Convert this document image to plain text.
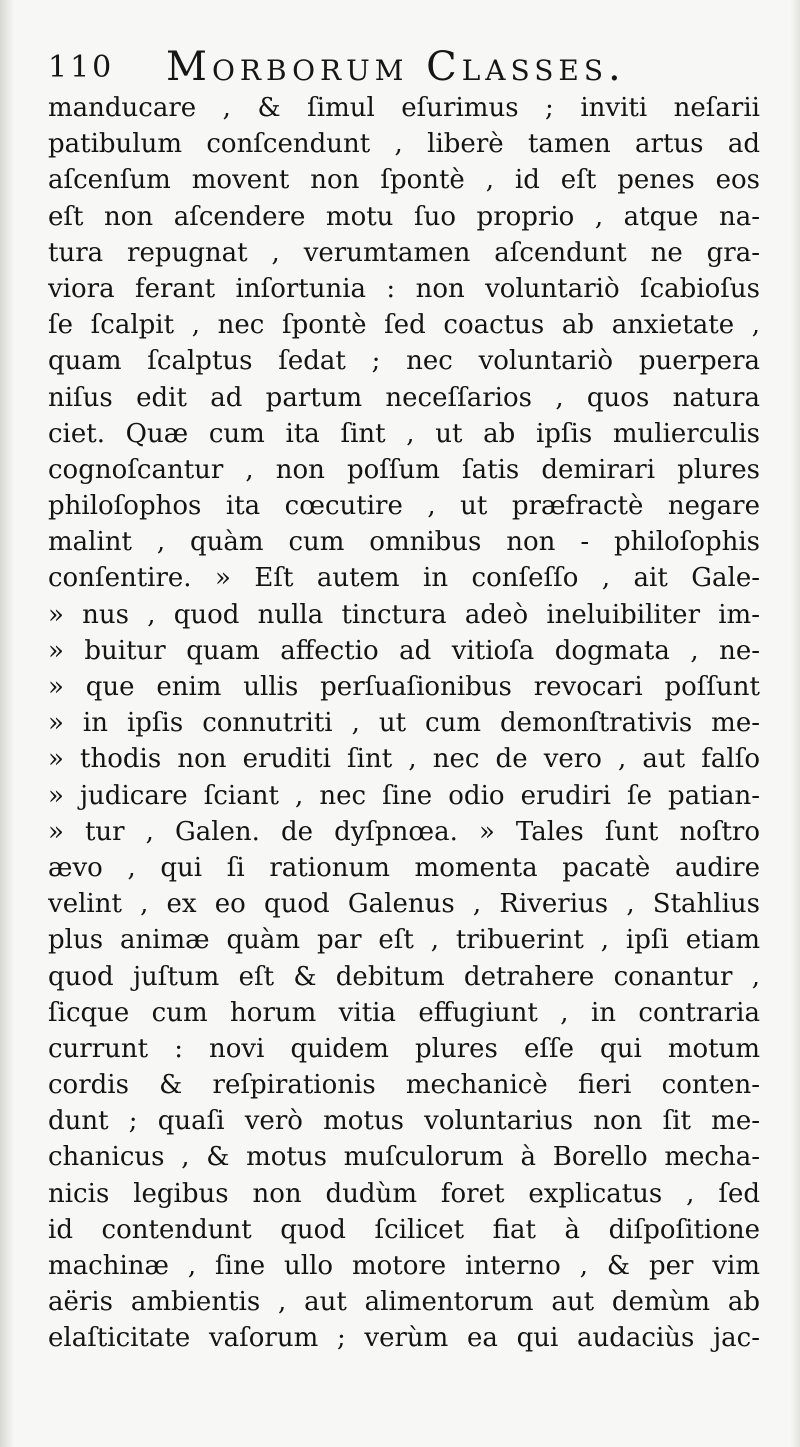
110 Morborum Classes.
manducare , & ſimul eſurimus ; inviti neſarii
patibulum conſcendunt , liberè tamen artus ad
aſcenſum movent non ſpontè , id eſt penes eos
eſt non aſcendere motu ſuo proprio , atque na-
tura repugnat , verumtamen aſcendunt ne gra-
viora ferant inſortunia : non voluntariò ſcabioſus
ſe ſcalpit , nec ſpontè ſed coactus ab anxietate ,
quam ſcalptus ſedat ; nec voluntariò puerpera
niſus edit ad partum neceſſarios , quos natura
ciet. Quæ cum ita ſint , ut ab ipſis mulierculis
cognoſcantur , non poſſum ſatis demirari plures
philoſophos ita cœcutire , ut præfractè negare
malint , quàm cum omnibus non - philoſophis
conſentire. » Eſt autem in conſeſſo , ait Gale-
» nus , quod nulla tinctura adeò ineluibiliter im-
» buitur quam affectio ad vitioſa dogmata , ne-
» que enim ullis perſuaſionibus revocari poſſunt
» in ipſis connutriti , ut cum demonſtrativis me-
» thodis non eruditi ſint , nec de vero , aut falſo
» judicare ſciant , nec ſine odio erudiri ſe patian-
» tur , Galen. de dyſpnœa. » Tales ſunt noſtro
ævo , qui ſi rationum momenta pacatè audire
velint , ex eo quod Galenus , Riverius , Stahlius
plus animæ quàm par eſt , tribuerint , ipſi etiam
quod juſtum eſt & debitum detrahere conantur ,
ſicque cum horum vitia effugiunt , in contraria
currunt : novi quidem plures eſſe qui motum
cordis & reſpirationis mechanicè fieri conten-
dunt ; quaſi verò motus voluntarius non ſit me-
chanicus , & motus muſculorum à Borello mecha-
nicis legibus non dudùm foret explicatus , ſed
id contendunt quod ſcilicet fiat à diſpoſitione
machinæ , ſine ullo motore interno , & per vim
aëris ambientis , aut alimentorum aut demùm ab
elaſticitate vaſorum ; verùm ea qui audaciùs jac-
